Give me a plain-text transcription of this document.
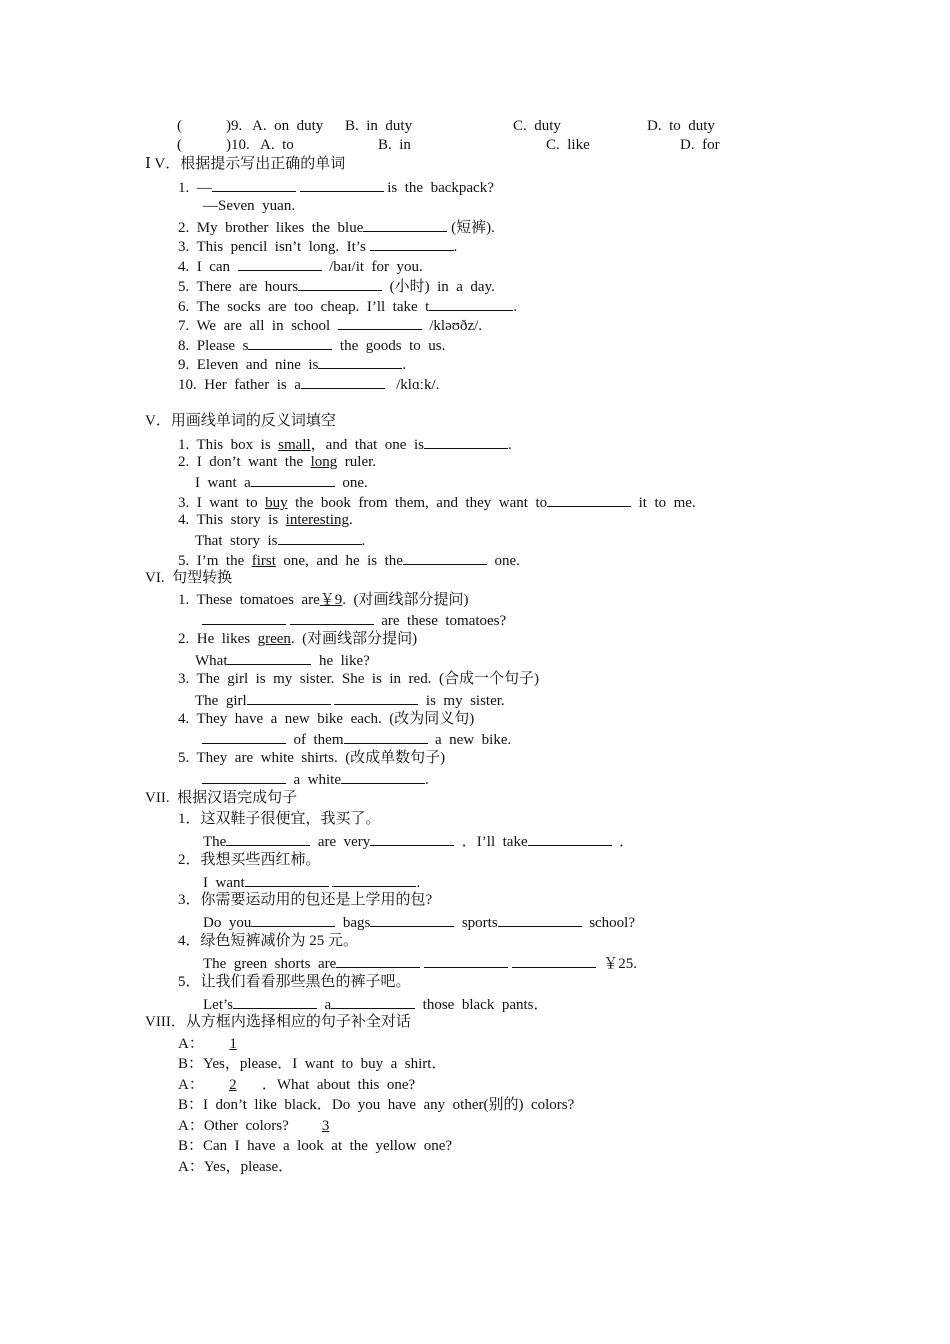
(	)9. A.  on  duty B.  in  duty	C.  duty	D.  to  duty
(	)10. A.  to	B.  in	C.  like	D.  for
Ⅰ V．根据提示写出正确的单词
1.  —	is  the  backpack?
—Seven  yuan.
2.  My  brother  likes  the  blue	(短裤).
3.  This  pencil  isn’t  long.  It’s	.
4.  I  can	/baɪ/it  for  you.
5.  There  are  hours	(小时)  in  a  day.
6.  The  socks  are  too  cheap.  I’ll  take  t	.
7.  We  are  all  in  school	/kləʊðz/.
8.  Please  s	the  goods  to  us.
9.  Eleven  and  nine  is	.
10.  Her  father  is  a	/klɑːk/.
V．用画线单词的反义词填空
1.  This  box  is  small，and  that  one  is	.
2.  I  don’t  want  the  long  ruler.
I  want  a	one.
3.  I  want  to  buy  the  book  from  them,  and  they  want  to	it  to  me.
4.  This  story  is  interesting.
That  story  is	.
5.  I’m  the  first  one,  and  he  is  the	one.
VI.  句型转换
1.  These  tomatoes  are￥9.  (对画线部分提问)
are  these  tomatoes?
2.  He  likes  green.  (对画线部分提问)
What	he  like?
3.  The  girl  is  my  sister.  She  is  in  red.  (合成一个句子)
The  girl	is  my  sister.
4.  They  have  a  new  bike  each.  (改为同义句)
of  them	a  new  bike.
5.  They  are  white  shirts.  (改成单数句子)
a  white	.
VII.  根据汉语完成句子
1．这双鞋子很便宜，我买了。
The	are  very	．I’ll  take	．
2．我想买些西红柿。
I  want	.
3．你需要运动用的包还是上学用的包?
Do  you	bags	sports	school?
4．绿色短裤减价为 25 元。
The  green  shorts  are	￥25.
5．让我们看看那些黑色的裤子吧。
Let’s	a	those  black  pants．
VIII．从方框内选择相应的句子补全对话
A： 1
B：Yes，please．I  want  to  buy  a  shirt．
A： 2 ．What  about  this  one?
B：I  don’t  like  black．Do  you  have  any  other(别的)  colors?
A：Other  colors?  3
B：Can  I  have  a  look  at  the  yellow  one?
A：Yes，please．
